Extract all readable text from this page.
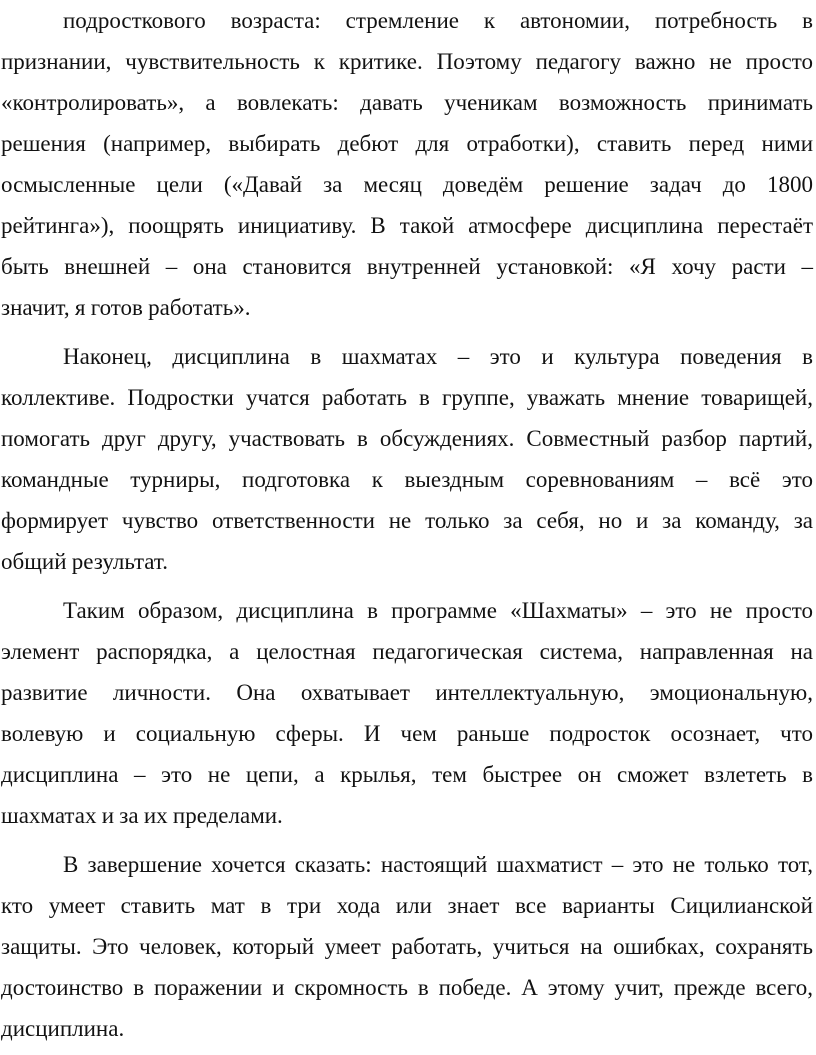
подросткового возраста: стремление к автономии, потребность в
признании, чувствительность к критике. Поэтому педагогу важно не просто
«контролировать», а вовлекать: давать ученикам возможность принимать
решения (например, выбирать дебют для отработки), ставить перед ними
осмысленные цели («Давай за месяц доведём решение задач до 1800
рейтинга»), поощрять инициативу. В такой атмосфере дисциплина перестаёт
быть внешней – она становится внутренней установкой: «Я хочу расти –
значит, я готов работать».

Наконец, дисциплина в шахматах – это и культура поведения в
коллективе. Подростки учатся работать в группе, уважать мнение товарищей,
помогать друг другу, участвовать в обсуждениях. Совместный разбор партий,
командные турниры, подготовка к выездным соревнованиям – всё это
формирует чувство ответственности не только за себя, но и за команду, за
общий результат.

Таким образом, дисциплина в программе «Шахматы» – это не просто
элемент распорядка, а целостная педагогическая система, направленная на
развитие личности. Она охватывает интеллектуальную, эмоциональную,
волевую и социальную сферы. И чем раньше подросток осознает, что
дисциплина – это не цепи, а крылья, тем быстрее он сможет взлететь в
шахматах и за их пределами.

В завершение хочется сказать: настоящий шахматист – это не только тот,
кто умеет ставить мат в три хода или знает все варианты Сицилианской
защиты. Это человек, который умеет работать, учиться на ошибках, сохранять
достоинство в поражении и скромность в победе. А этому учит, прежде всего,
дисциплина.
